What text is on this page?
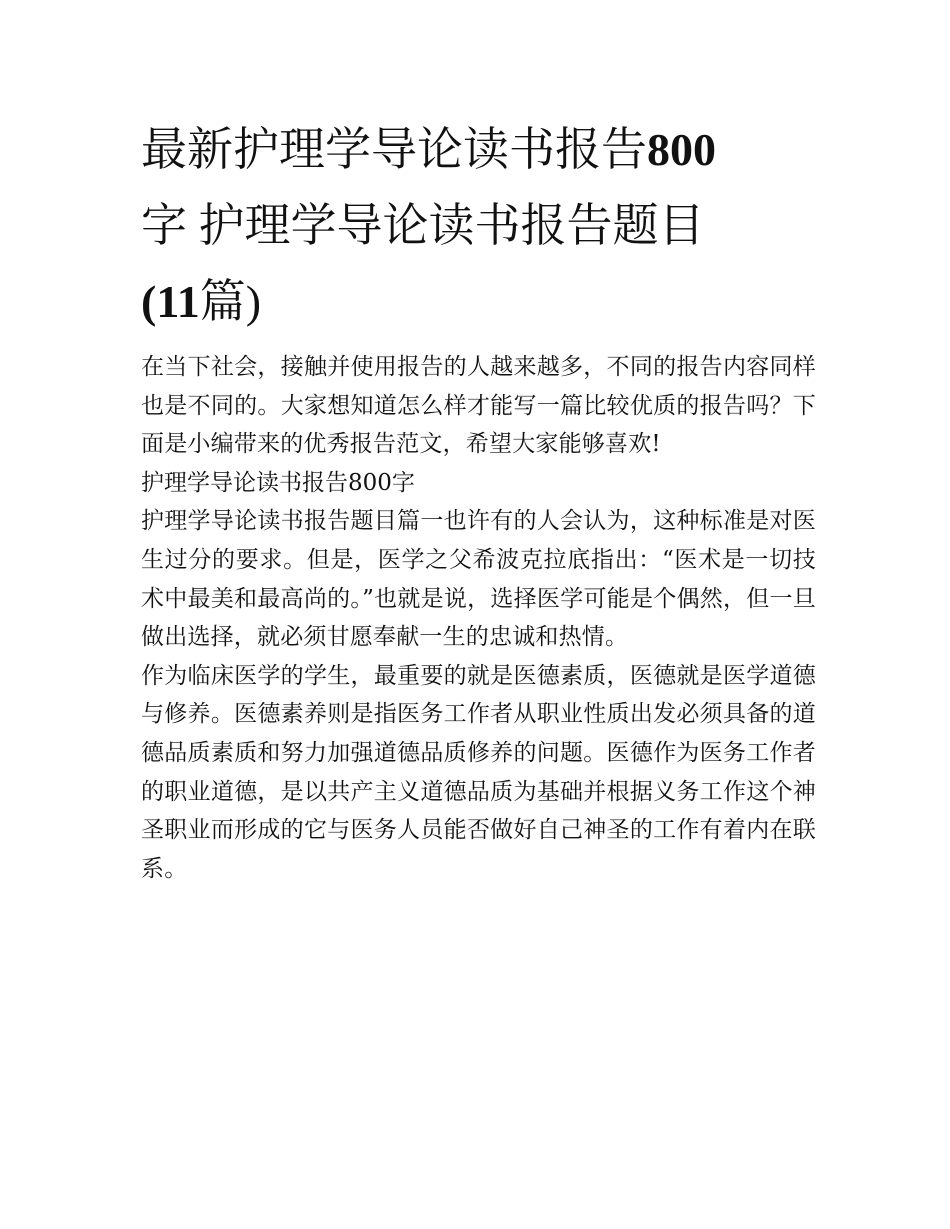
最新护理学导论读书报告800
字 护理学导论读书报告题目
(11篇)

在当下社会，接触并使用报告的人越来越多，不同的报告内容同样也是不同的。大家想知道怎么样才能写一篇比较优质的报告吗？下面是小编带来的优秀报告范文，希望大家能够喜欢!

护理学导论读书报告800字

护理学导论读书报告题目篇一也许有的人会认为，这种标准是对医生过分的要求。但是，医学之父希波克拉底指出：“医术是一切技术中最美和最高尚的。”也就是说，选择医学可能是个偶然，但一旦做出选择，就必须甘愿奉献一生的忠诚和热情。

作为临床医学的学生，最重要的就是医德素质，医德就是医学道德与修养。医德素养则是指医务工作者从职业性质出发必须具备的道德品质素质和努力加强道德品质修养的问题。医德作为医务工作者的职业道德，是以共产主义道德品质为基础并根据义务工作这个神圣职业而形成的它与医务人员能否做好自己神圣的工作有着内在联系。
